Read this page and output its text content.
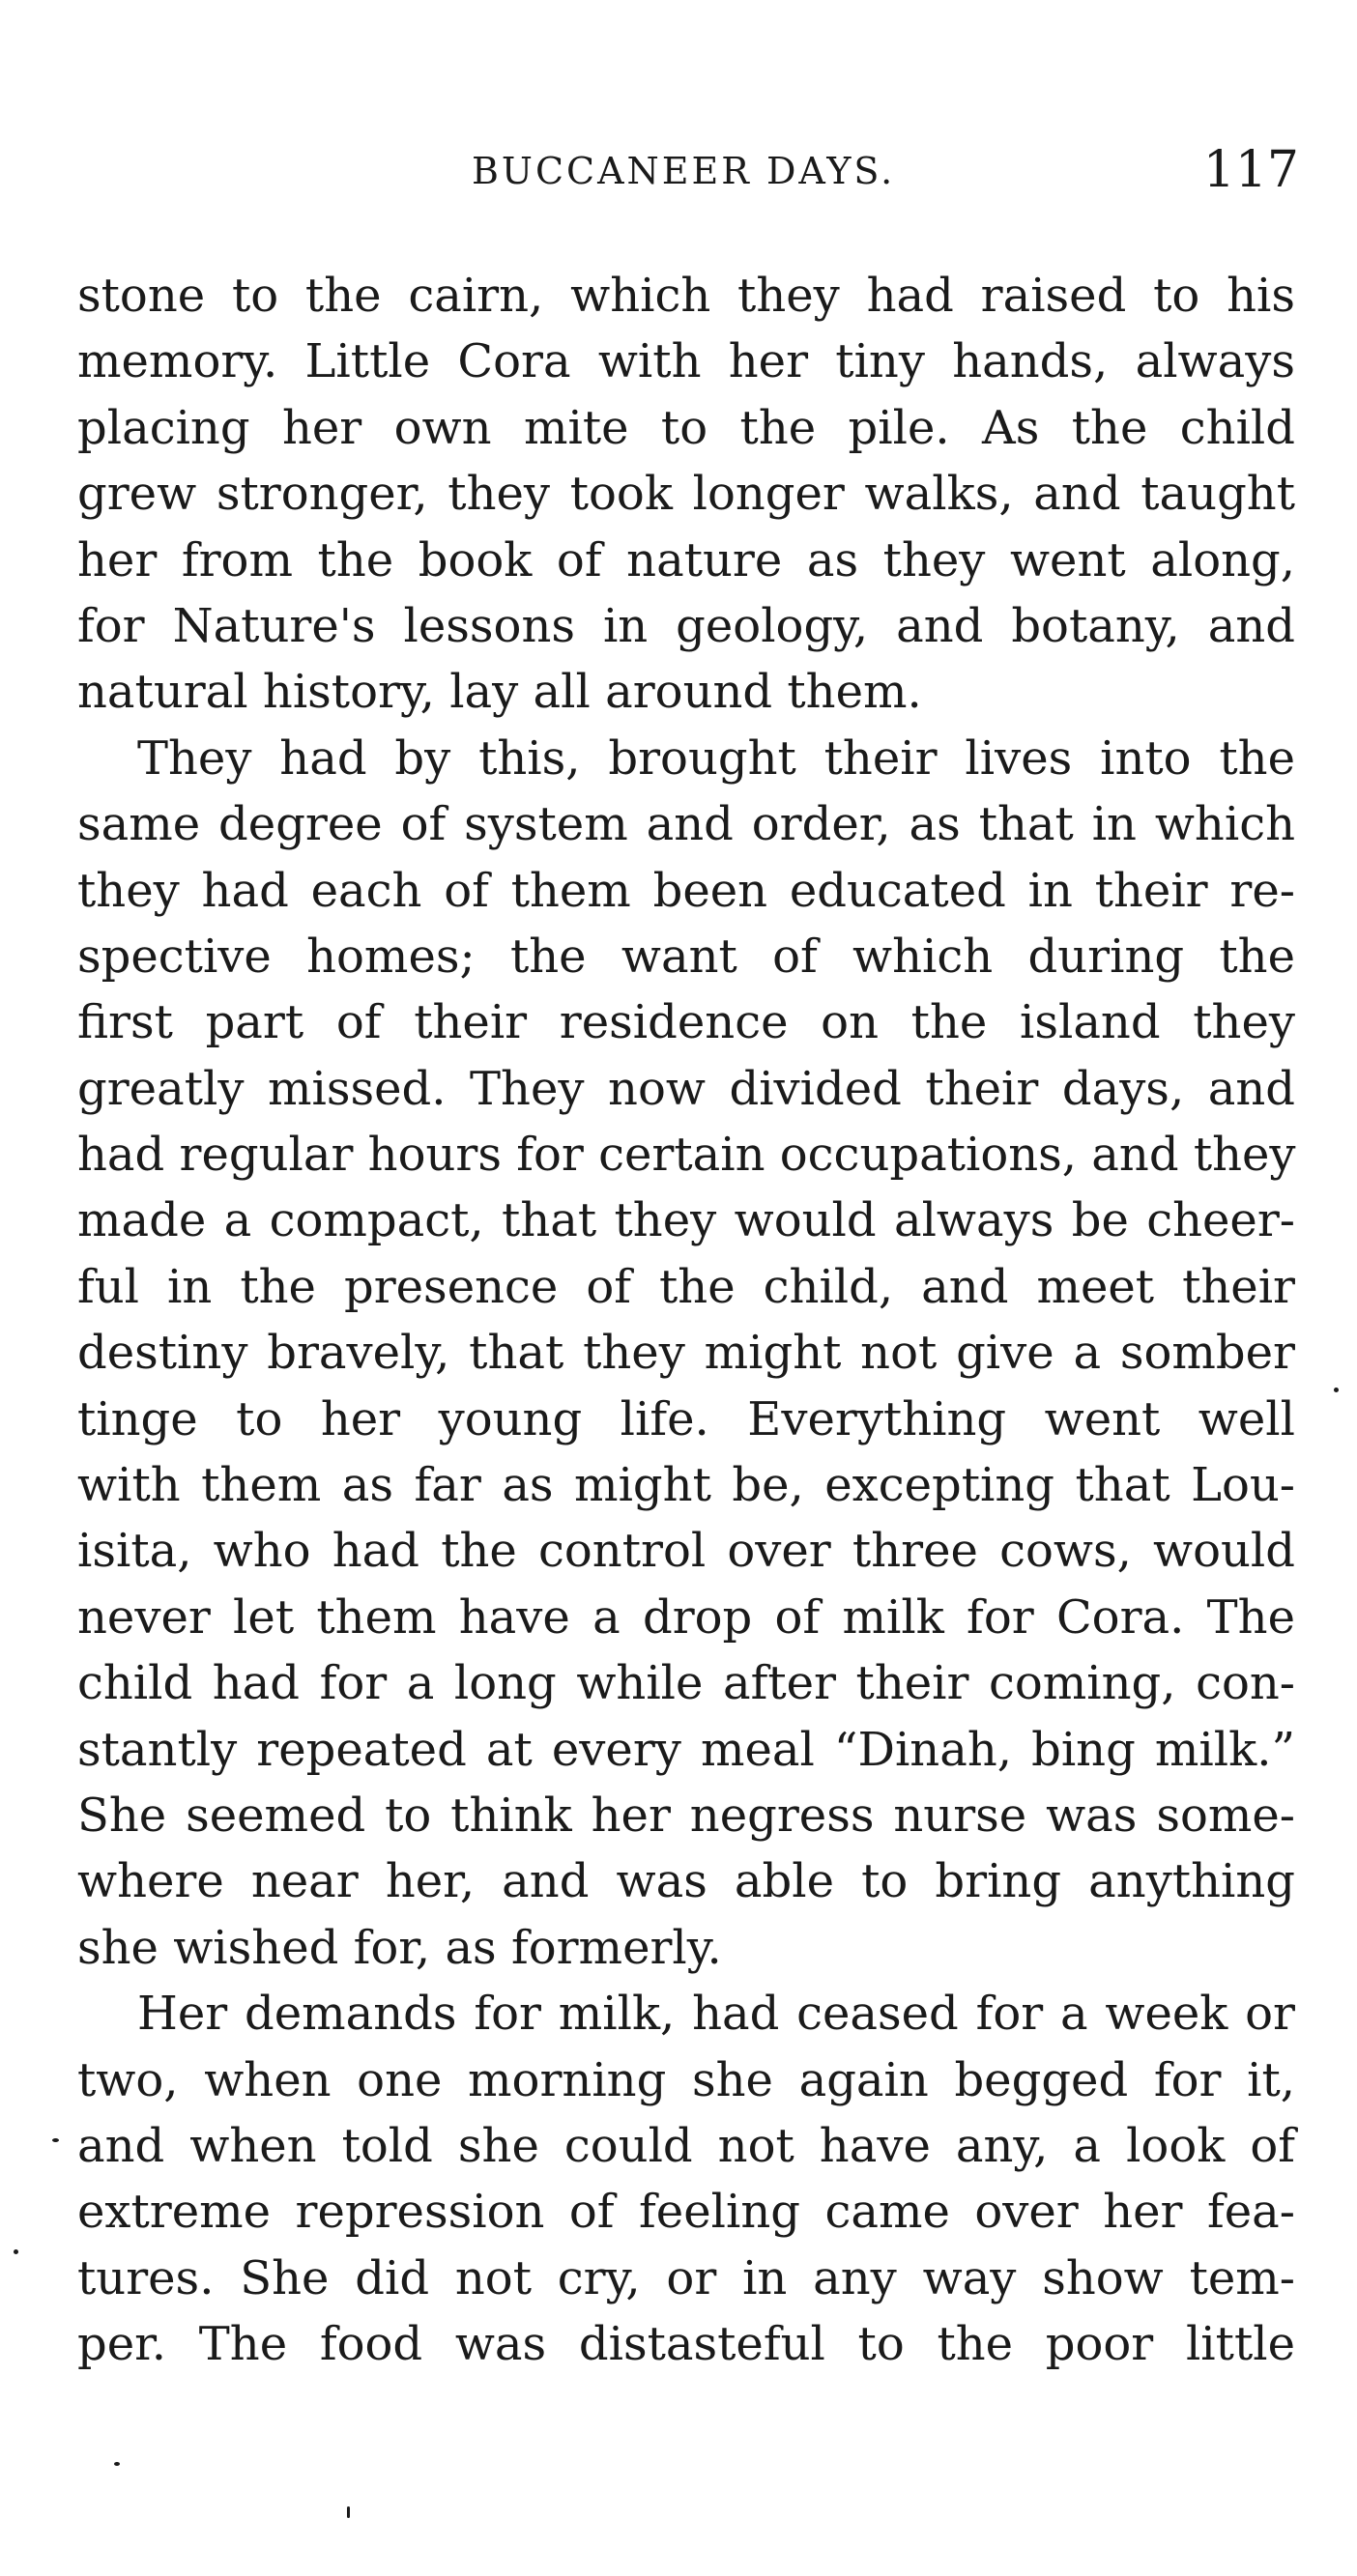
BUCCANEER DAYS.	117
stone to the cairn, which they had raised to his
memory. Little Cora with her tiny hands, always
placing her own mite to the pile. As the child
grew stronger, they took longer walks, and taught
her from the book of nature as they went along,
for Nature's lessons in geology, and botany, and
natural history, lay all around them.
They had by this, brought their lives into the
same degree of system and order, as that in which
they had each of them been educated in their re-
spective homes; the want of which during the
first part of their residence on the island they
greatly missed. They now divided their days, and
had regular hours for certain occupations, and they
made a compact, that they would always be cheer-
ful in the presence of the child, and meet their
destiny bravely, that they might not give a somber
tinge to her young life. Everything went well
with them as far as might be, excepting that Lou-
isita, who had the control over three cows, would
never let them have a drop of milk for Cora. The
child had for a long while after their coming, con-
stantly repeated at every meal “Dinah, bing milk.”
She seemed to think her negress nurse was some-
where near her, and was able to bring anything
she wished for, as formerly.
Her demands for milk, had ceased for a week or
two, when one morning she again begged for it,
and when told she could not have any, a look of
extreme repression of feeling came over her fea-
tures. She did not cry, or in any way show tem-
per. The food was distasteful to the poor little
